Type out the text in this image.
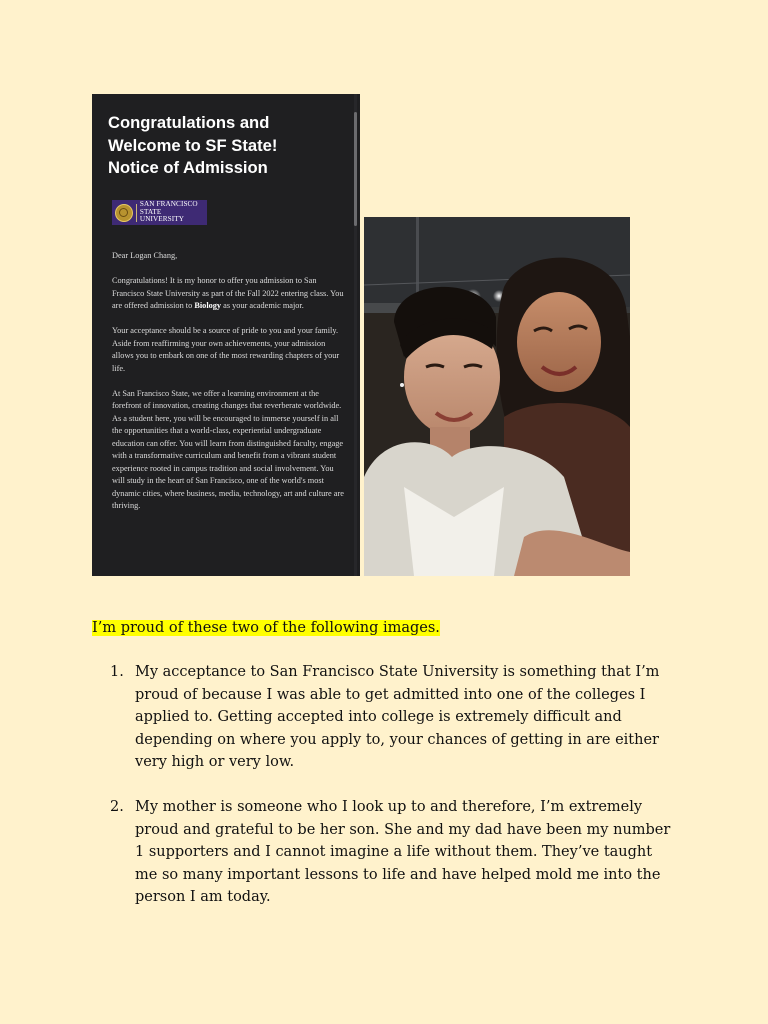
Congratulations and
Welcome to SF State!
Notice of Admission
SAN FRANCISCO
STATE UNIVERSITY

Dear Logan Chang,

Congratulations! It is my honor to offer you admission to San Francisco State University as part of the Fall 2022 entering class. You are offered admission to Biology as your academic major.

Your acceptance should be a source of pride to you and your family. Aside from reaffirming your own achievements, your admission allows you to embark on one of the most rewarding chapters of your life.

At San Francisco State, we offer a learning environment at the forefront of innovation, creating changes that reverberate worldwide. As a student here, you will be encouraged to immerse yourself in all the opportunities that a world-class, experiential undergraduate education can offer. You will learn from distinguished faculty, engage with a transformative curriculum and benefit from a vibrant student experience rooted in campus tradition and social involvement. You will study in the heart of San Francisco, one of the world's most dynamic cities, where business, media, technology, art and culture are thriving.

I’m proud of these two of the following images.

1. My acceptance to San Francisco State University is something that I’m proud of because I was able to get admitted into one of the colleges I applied to. Getting accepted into college is extremely difficult and depending on where you apply to, your chances of getting in are either very high or very low.
2. My mother is someone who I look up to and therefore, I’m extremely proud and grateful to be her son. She and my dad have been my number 1 supporters and I cannot imagine a life without them. They’ve taught me so many important lessons to life and have helped mold me into the person I am today.
